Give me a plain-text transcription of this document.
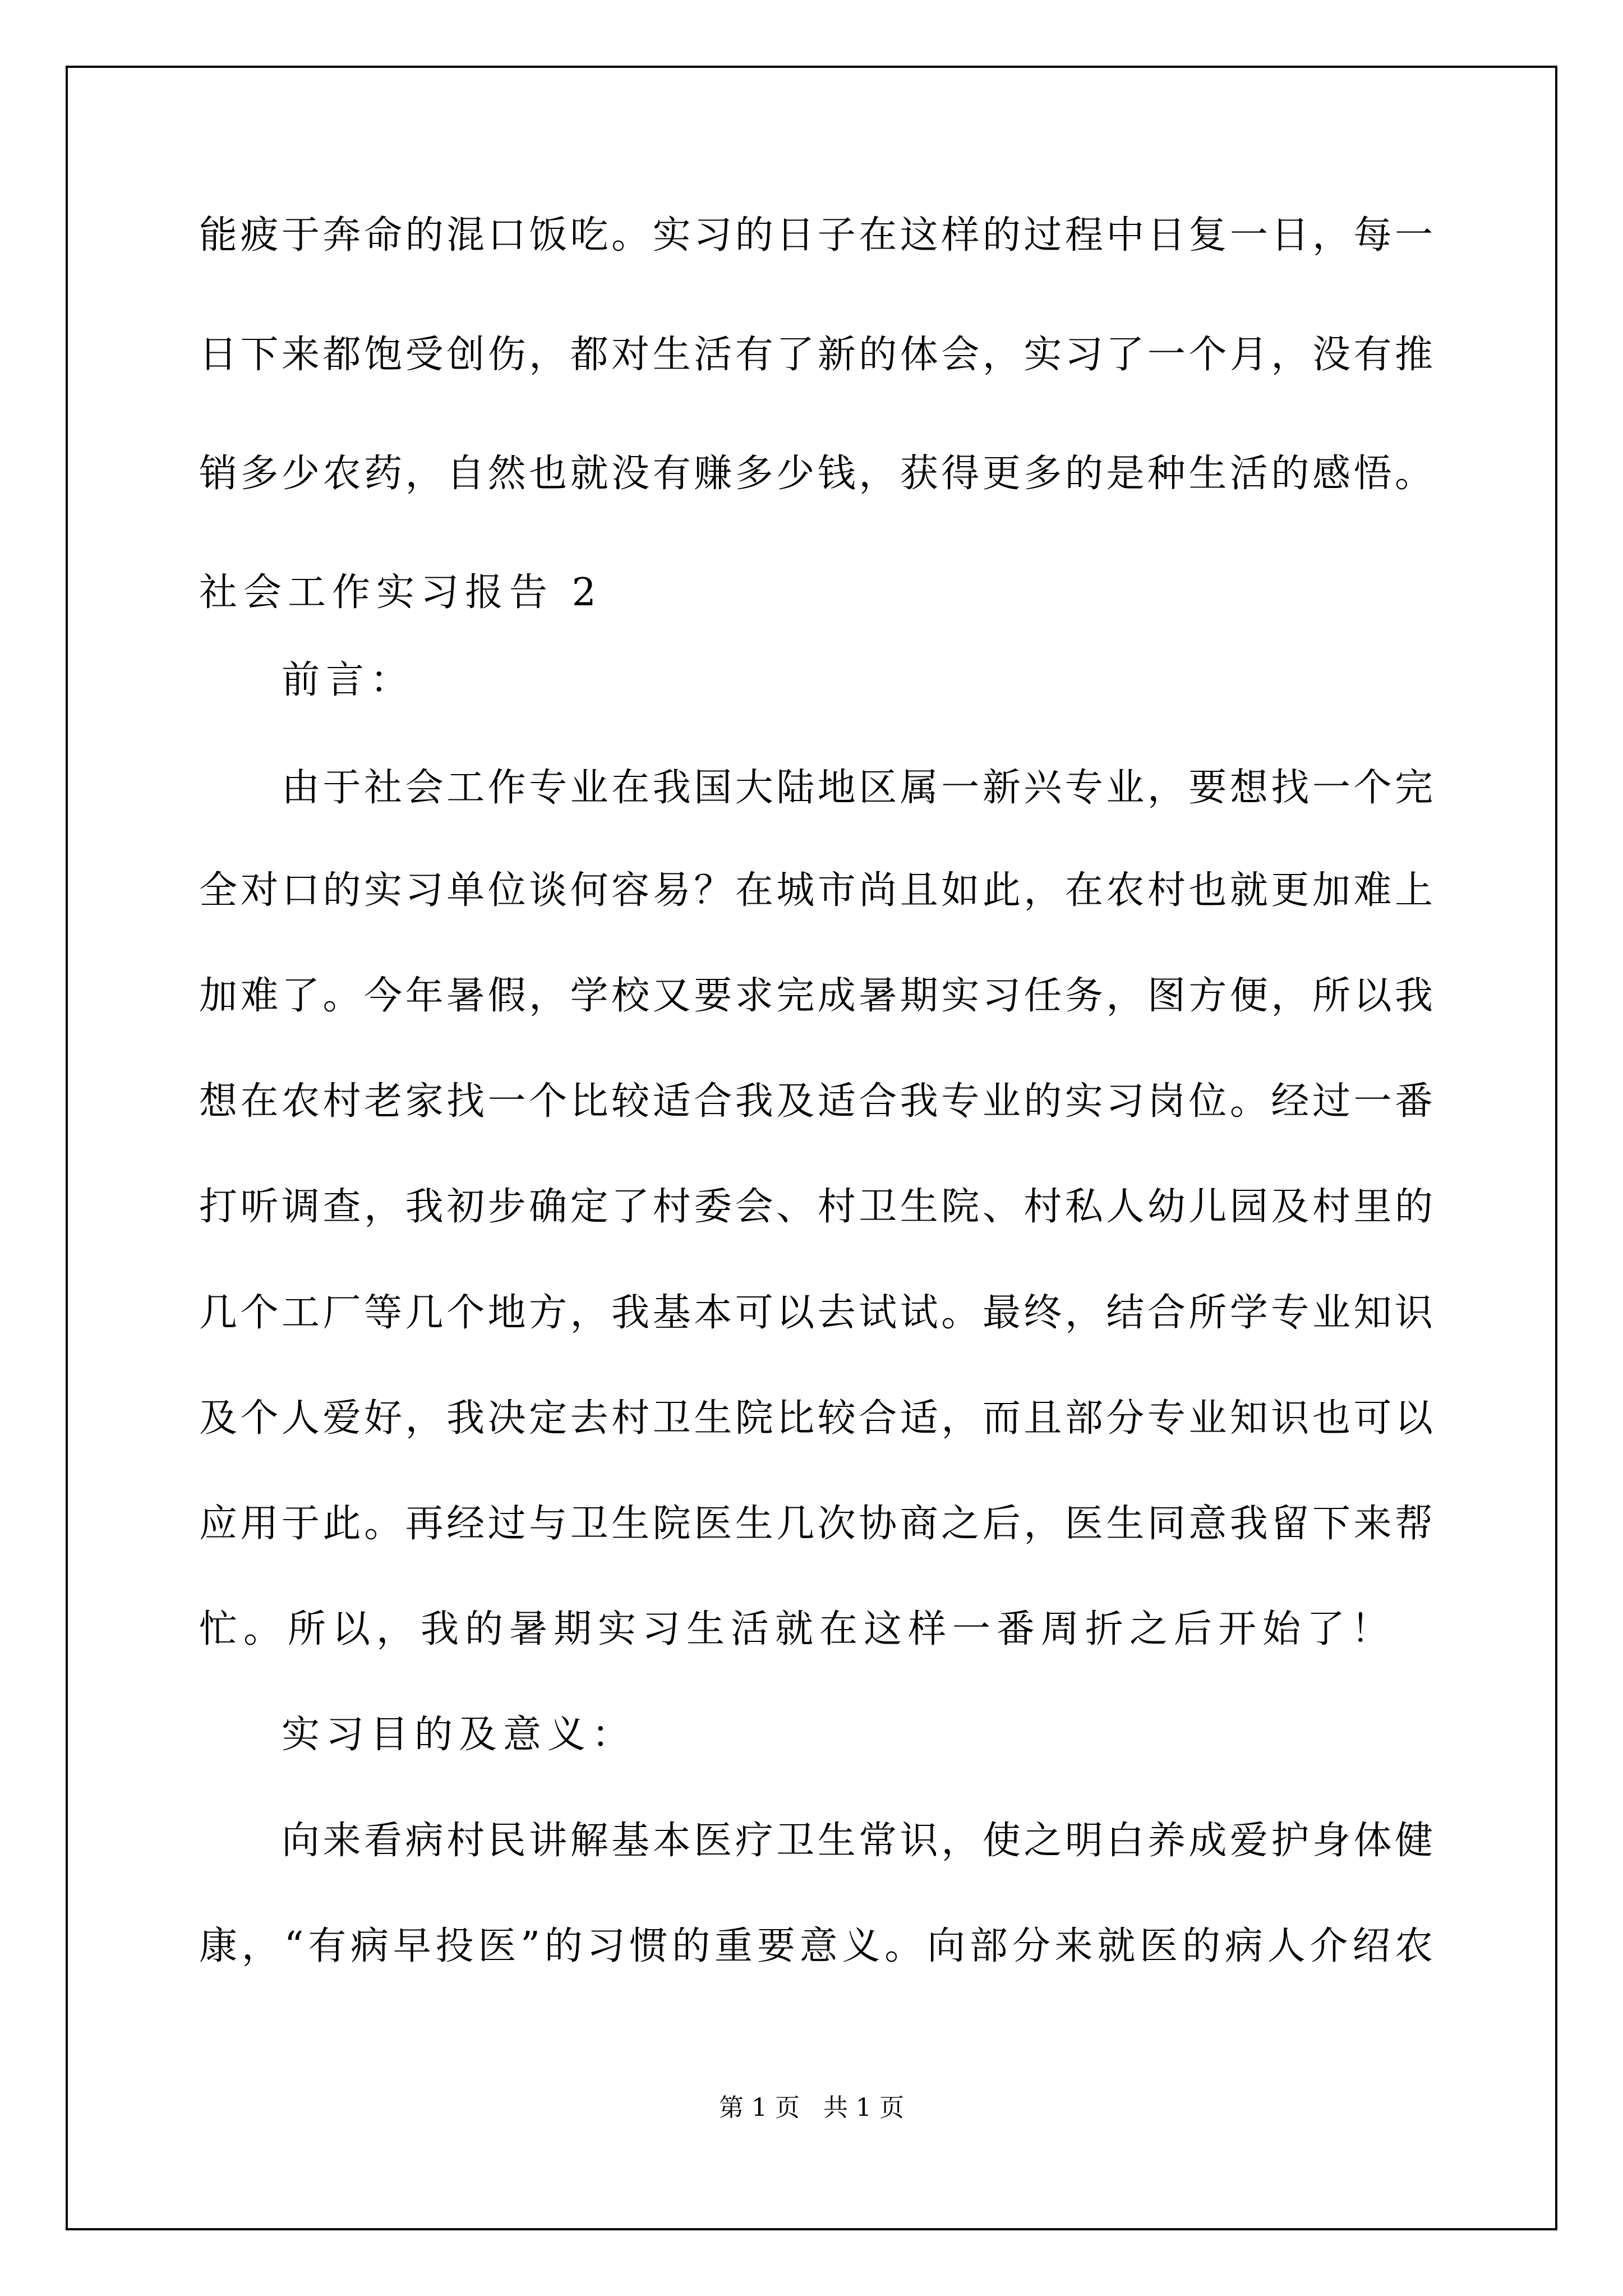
能疲于奔命的混口饭吃。实习的日子在这样的过程中日复一日，每一
日下来都饱受创伤，都对生活有了新的体会，实习了一个月，没有推
销多少农药，自然也就没有赚多少钱，获得更多的是种生活的感悟。
社会工作实习报告 2
前言：
由于社会工作专业在我国大陆地区属一新兴专业，要想找一个完
全对口的实习单位谈何容易？在城市尚且如此，在农村也就更加难上
加难了。今年暑假，学校又要求完成暑期实习任务，图方便，所以我
想在农村老家找一个比较适合我及适合我专业的实习岗位。经过一番
打听调查，我初步确定了村委会、村卫生院、村私人幼儿园及村里的
几个工厂等几个地方，我基本可以去试试。最终，结合所学专业知识
及个人爱好，我决定去村卫生院比较合适，而且部分专业知识也可以
应用于此。再经过与卫生院医生几次协商之后，医生同意我留下来帮
忙。所以，我的暑期实习生活就在这样一番周折之后开始了！
实习目的及意义：
向来看病村民讲解基本医疗卫生常识，使之明白养成爱护身体健
康，“有病早投医”的习惯的重要意义。向部分来就医的病人介绍农
第 1 页   共 1 页
